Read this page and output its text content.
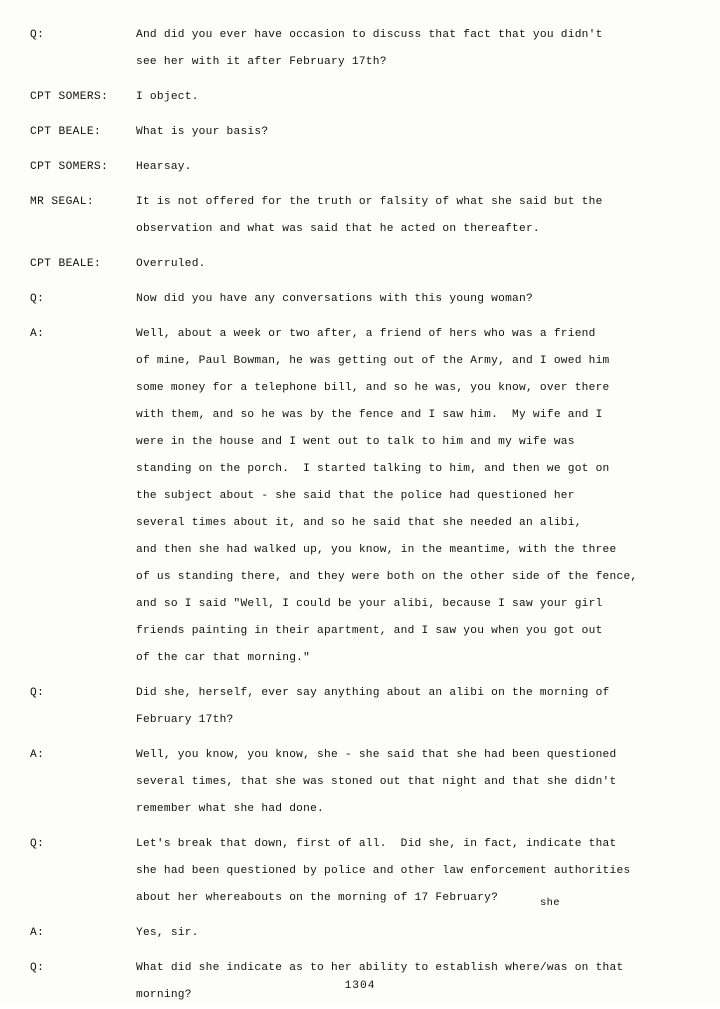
Q:	And did you ever have occasion to discuss that fact that you didn't
see her with it after February 17th?
CPT SOMERS:	I object.
CPT BEALE:	What is your basis?
CPT SOMERS:	Hearsay.
MR SEGAL:	It is not offered for the truth or falsity of what she said but the
observation and what was said that he acted on thereafter.
CPT BEALE:	Overruled.
Q:	Now did you have any conversations with this young woman?
A:	Well, about a week or two after, a friend of hers who was a friend
of mine, Paul Bowman, he was getting out of the Army, and I owed him
some money for a telephone bill, and so he was, you know, over there
with them, and so he was by the fence and I saw him.  My wife and I
were in the house and I went out to talk to him and my wife was
standing on the porch.  I started talking to him, and then we got on
the subject about - she said that the police had questioned her
several times about it, and so he said that she needed an alibi,
and then she had walked up, you know, in the meantime, with the three
of us standing there, and they were both on the other side of the fence,
and so I said "Well, I could be your alibi, because I saw your girl
friends painting in their apartment, and I saw you when you got out
of the car that morning."
Q:	Did she, herself, ever say anything about an alibi on the morning of
February 17th?
A:	Well, you know, you know, she - she said that she had been questioned
several times, that she was stoned out that night and that she didn't
remember what she had done.
Q:	Let's break that down, first of all.  Did she, in fact, indicate that
she had been questioned by police and other law enforcement authorities
about her whereabouts on the morning of 17 February?
A:	Yes, sir.
Q:	What did she indicate as to her ability to establish where/was on that
morning?
she
1304
